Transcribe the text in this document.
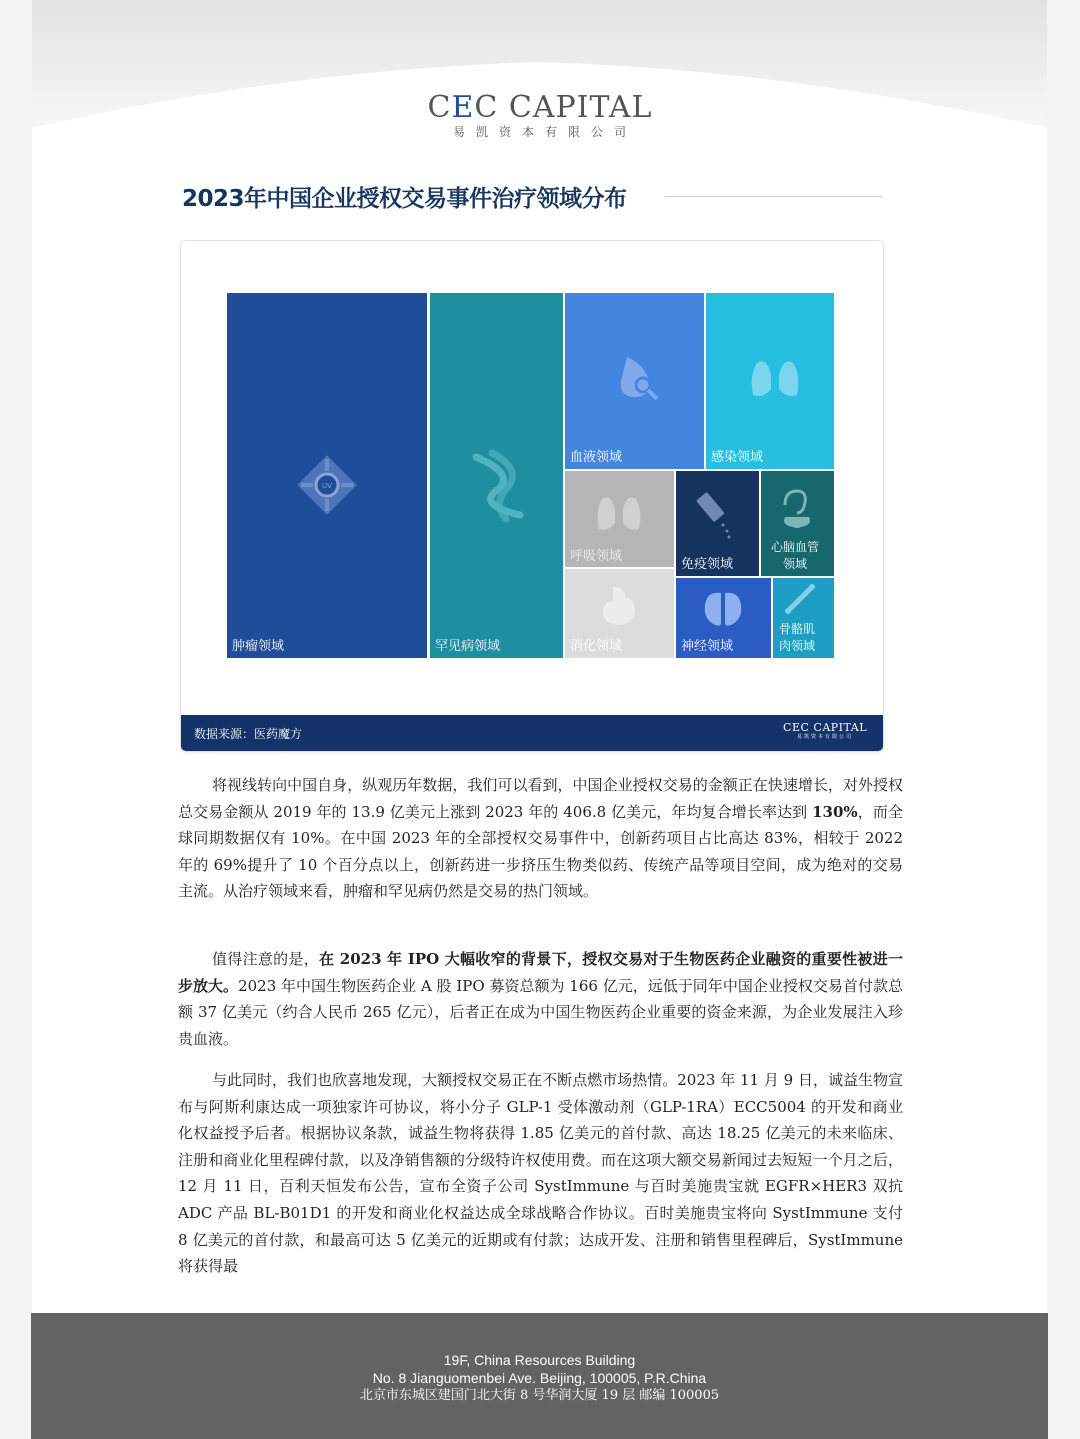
CEC CAPITAL
易凯资本有限公司
2023年中国企业授权交易事件治疗领域分布
UV
肿瘤领域	罕见病领域
血液领域	感染领域
呼吸领域
免疫领域
心脑血管
领域
消化领域	神经领域
骨骼肌
肉领域
数据来源：医药魔方	CEC CAPITAL
易凯资本有限公司

将视线转向中国自身，纵观历年数据，我们可以看到，中国企业授权交易的金额正在快速增长，对外授权总交易金额从 2019 年的 13.9 亿美元上涨到 2023 年的 406.8 亿美元，年均复合增长率达到 130%，而全球同期数据仅有 10%。在中国 2023 年的全部授权交易事件中，创新药项目占比高达 83%，相较于 2022 年的 69%提升了 10 个百分点以上，创新药进一步挤压生物类似药、传统产品等项目空间，成为绝对的交易主流。从治疗领域来看，肿瘤和罕见病仍然是交易的热门领域。

值得注意的是，在 2023 年 IPO 大幅收窄的背景下，授权交易对于生物医药企业融资的重要性被进一步放大。2023 年中国生物医药企业 A 股 IPO 募资总额为 166 亿元，远低于同年中国企业授权交易首付款总额 37 亿美元（约合人民币 265 亿元），后者正在成为中国生物医药企业重要的资金来源，为企业发展注入珍贵血液。

与此同时，我们也欣喜地发现，大额授权交易正在不断点燃市场热情。2023 年 11 月 9 日，诚益生物宣布与阿斯利康达成一项独家许可协议，将小分子 GLP-1 受体激动剂（GLP-1RA）ECC5004 的开发和商业化权益授予后者。根据协议条款，诚益生物将获得 1.85 亿美元的首付款、高达 18.25 亿美元的未来临床、注册和商业化里程碑付款，以及净销售额的分级特许权使用费。而在这项大额交易新闻过去短短一个月之后，12 月 11 日，百利天恒发布公告，宣布全资子公司 SystImmune 与百时美施贵宝就 EGFR×HER3 双抗 ADC 产品 BL-B01D1 的开发和商业化权益达成全球战略合作协议。百时美施贵宝将向 SystImmune 支付 8 亿美元的首付款，和最高可达 5 亿美元的近期或有付款；达成开发、注册和销售里程碑后，SystImmune 将获得最

19F, China Resources Building
No. 8 Jianguomenbei Ave. Beijing, 100005, P.R.China
北京市东城区建国门北大街 8 号华润大厦 19 层 邮编 100005
